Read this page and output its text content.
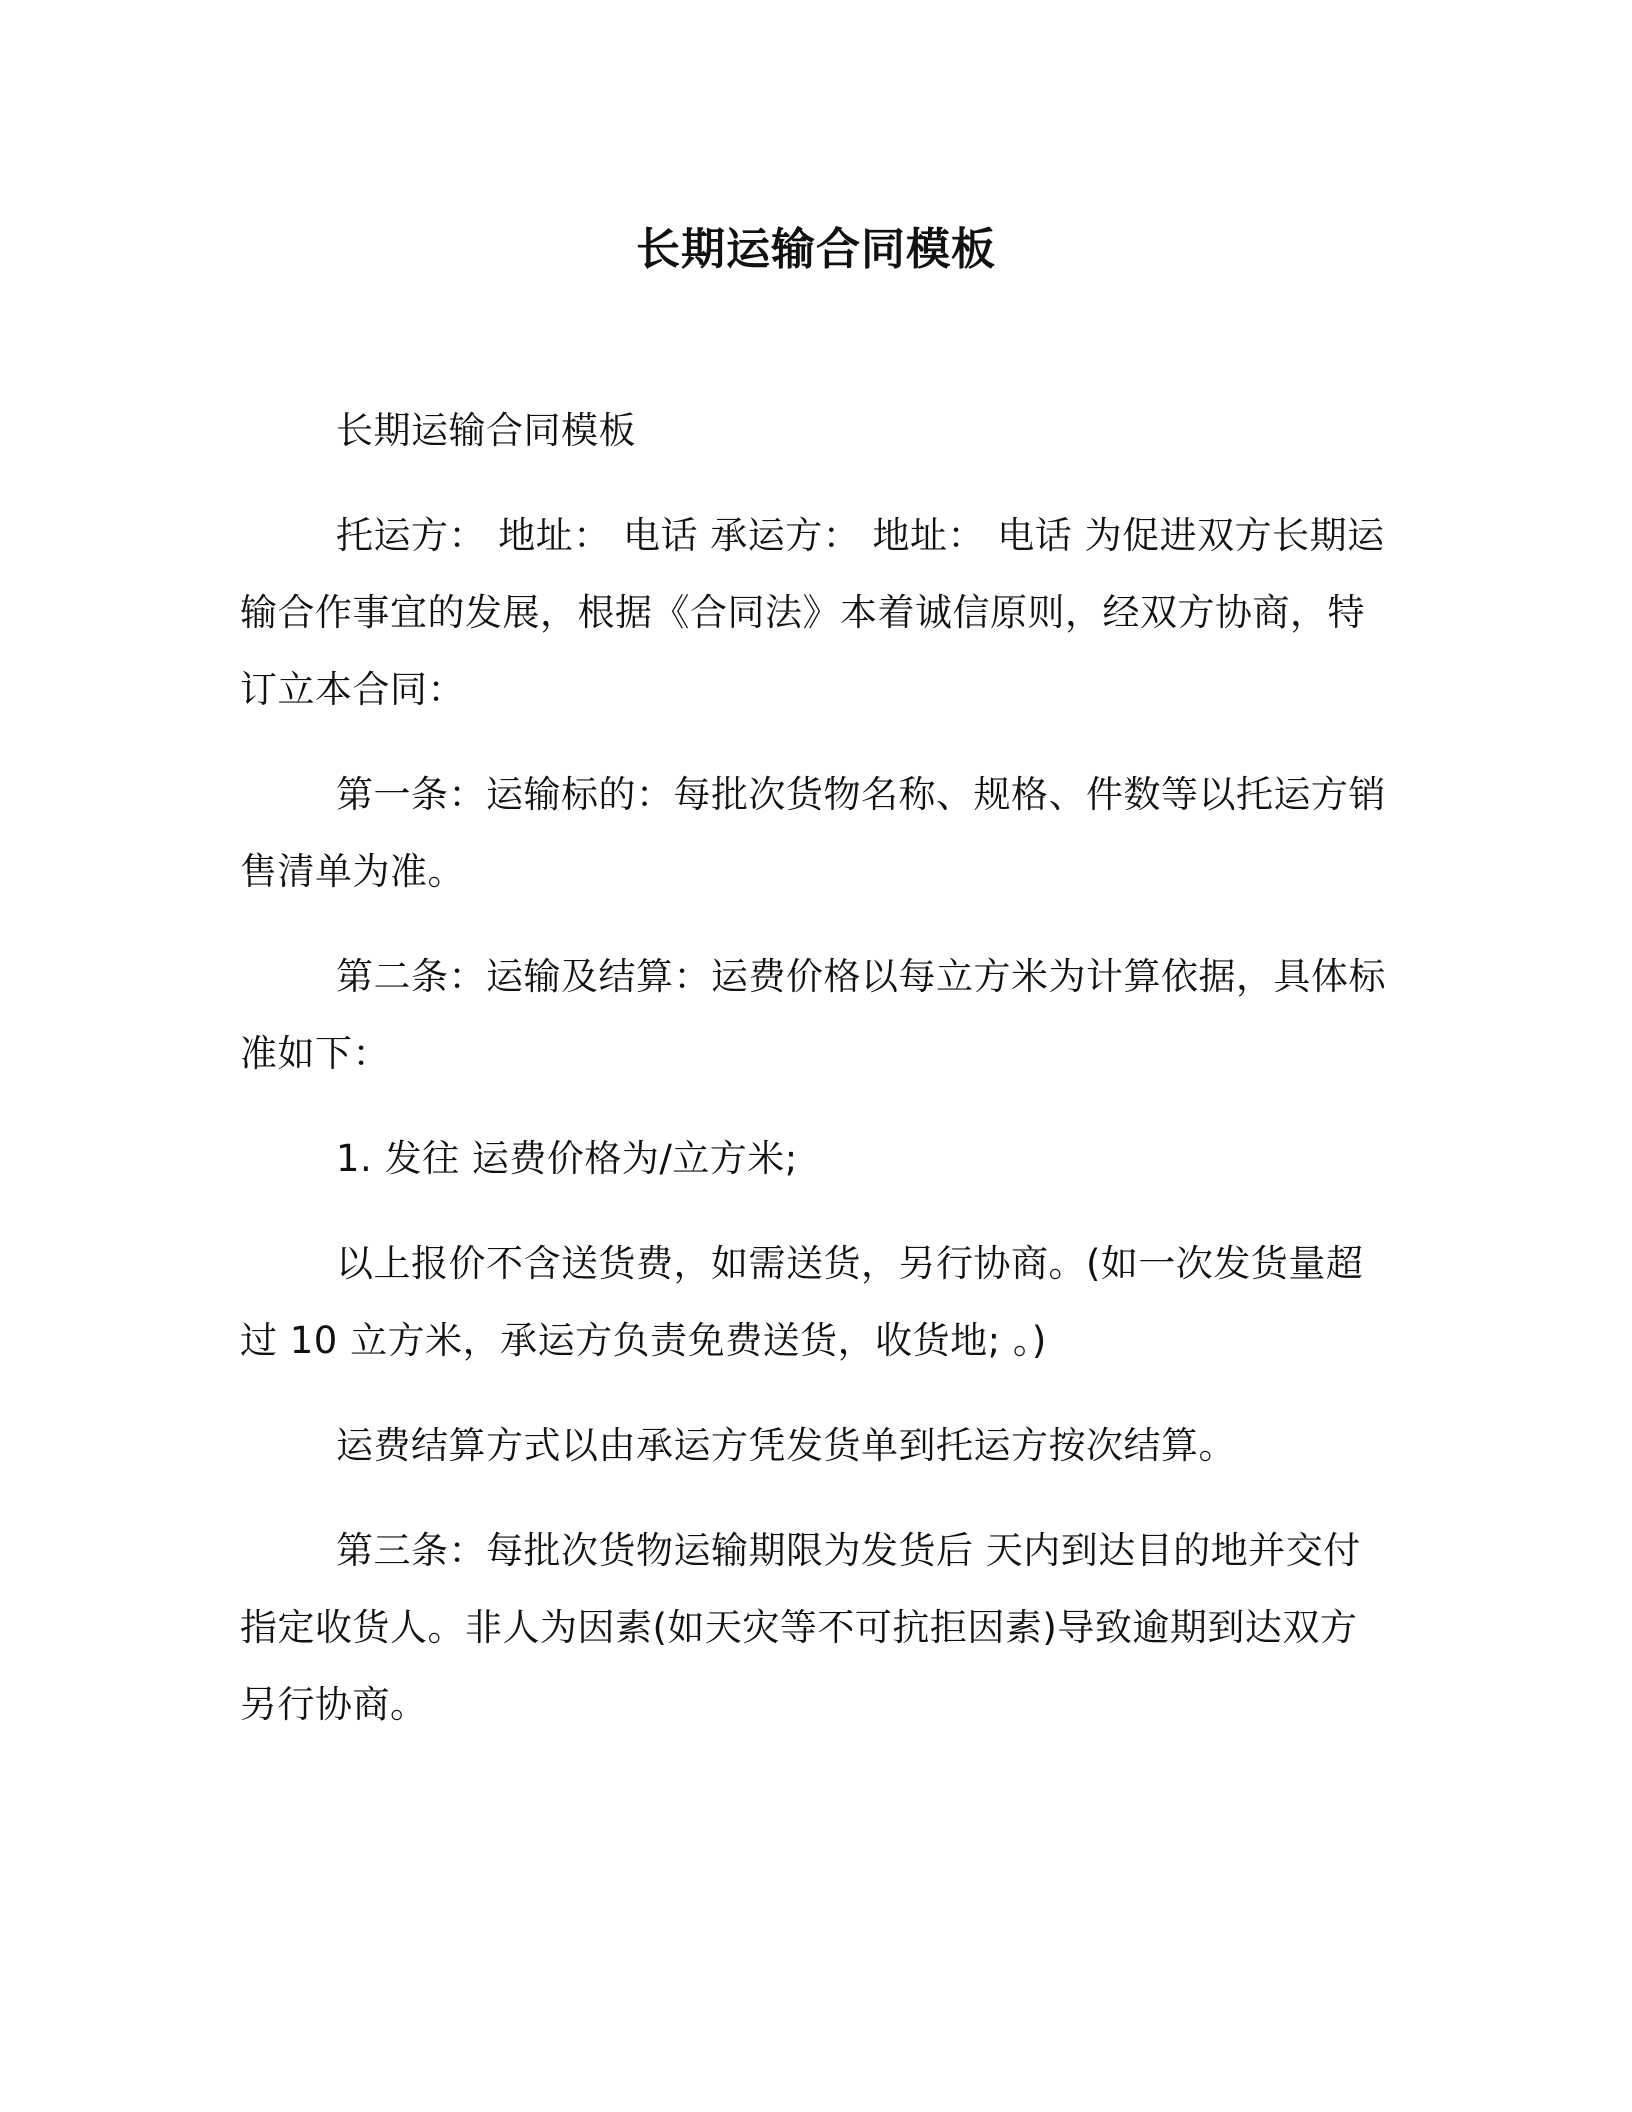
长期运输合同模板

长期运输合同模板

托运方： 地址： 电话 承运方： 地址： 电话 为促进双方长期运输合作事宜的发展，根据《合同法》本着诚信原则，经双方协商，特订立本合同：

第一条：运输标的：每批次货物名称、规格、件数等以托运方销售清单为准。

第二条：运输及结算：运费价格以每立方米为计算依据，具体标准如下：

1. 发往 运费价格为/立方米;

以上报价不含送货费，如需送货，另行协商。(如一次发货量超过 10 立方米，承运方负责免费送货，收货地; 。)

运费结算方式以由承运方凭发货单到托运方按次结算。

第三条：每批次货物运输期限为发货后 天内到达目的地并交付指定收货人。非人为因素(如天灾等不可抗拒因素)导致逾期到达双方另行协商。
